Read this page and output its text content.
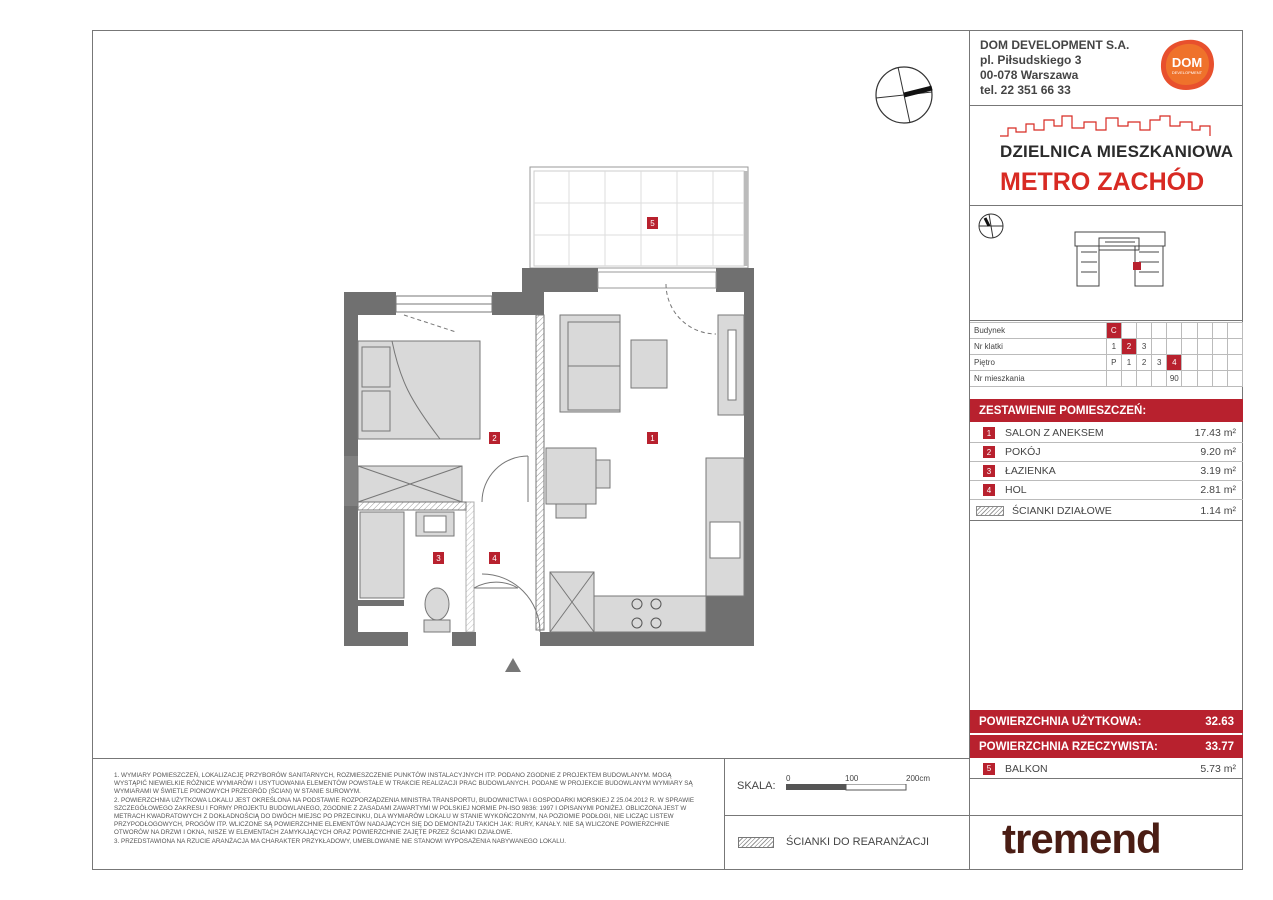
DOM DEVELOPMENT S.A.
pl. Piłsudskiego 3
00-078 Warszawa
tel. 22 351 66 33
DOM
DEVELOPMENT
DZIELNICA MIESZKANIOWA
METRO ZACHÓD
Budynek	C								
Nr klatki	1	2	3						
Piętro	P	1	2	3	4				
Nr mieszkania					90				
ZESTAWIENIE POMIESZCZEŃ:
1	SALON Z ANEKSEM	17.43 m²
2	POKÓJ	9.20 m²
3	ŁAZIENKA	3.19 m²
4	HOL	2.81 m²
ŚCIANKI DZIAŁOWE	1.14 m²
POWIERZCHNIA UŻYTKOWA:	32.63
POWIERZCHNIA RZECZYWISTA:	33.77
5	BALKON	5.73 m²
tremend
1. WYMIARY POMIESZCZEŃ, LOKALIZACJĘ PRZYBORÓW SANITARNYCH, ROZMIESZCZENIE PUNKTÓW INSTALACYJNYCH ITP. PODANO ZGODNIE Z PROJEKTEM BUDOWLANYM. MOGĄ WYSTĄPIĆ NIEWIELKIE RÓŻNICE WYMIARÓW I USYTUOWANIA ELEMENTÓW POWSTAŁE W TRAKCIE REALIZACJI PRAC BUDOWLANYCH. PODANE W PROJEKCIE BUDOWLANYM WYMIARY SĄ WYMIARAMI W ŚWIETLE PIONOWYCH PRZEGRÓD (ŚCIAN) W STANIE SUROWYM.
2. POWIERZCHNIA UŻYTKOWA LOKALU JEST OKREŚLONA NA PODSTAWIE ROZPORZĄDZENIA MINISTRA TRANSPORTU, BUDOWNICTWA I GOSPODARKI MORSKIEJ Z 25.04.2012 R. W SPRAWIE SZCZEGÓŁOWEGO ZAKRESU I FORMY PROJEKTU BUDOWLANEGO, ZGODNIE Z ZASADAMI ZAWARTYMI W POLSKIEJ NORMIE PN-ISO 9836: 1997 I OPISANYMI PONIŻEJ. OBLICZONA JEST W METRACH KWADRATOWYCH Z DOKŁADNOŚCIĄ DO DWÓCH MIEJSC PO PRZECINKU, DLA WYMIARÓW LOKALU W STANIE WYKOŃCZONYM, NA POZIOMIE PODŁOGI, NIE LICZĄC LISTEW PRZYPODŁOGOWYCH, PROGÓW ITP. WLICZONE SĄ POWIERZCHNIE ELEMENTÓW NADAJĄCYCH SIĘ DO DEMONTAŻU TAKICH JAK: RURY, KANAŁY. NIE SĄ WLICZONE POWIERZCHNIE OTWORÓW NA DRZWI I OKNA, NISZE W ELEMENTACH ZAMYKAJĄCYCH ORAZ POWIERZCHNIE ZAJĘTE PRZEZ ŚCIANKI DZIAŁOWE.
3. PRZEDSTAWIONA NA RZUCIE ARANŻACJA MA CHARAKTER PRZYKŁADOWY, UMEBLOWANIE NIE STANOWI WYPOSAŻENIA NABYWANEGO LOKALU.
SKALA:
0	100	200cm
ŚCIANKI DO REARANŻACJI
5
1
2
3	4
